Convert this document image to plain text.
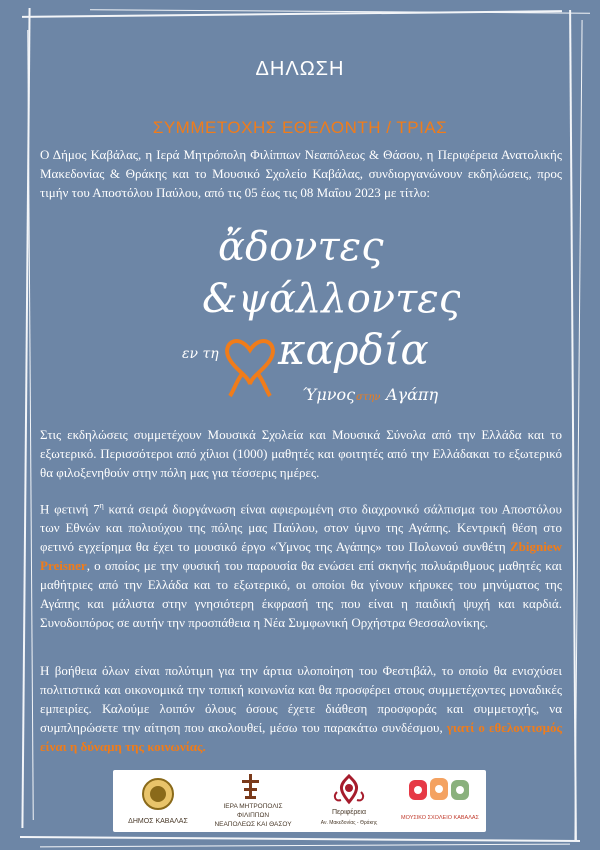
ΔΗΛΩΣΗ
ΣΥΜΜΕΤΟΧΗΣ ΕΘΕΛΟΝΤΗ / ΤΡΙΑΣ
Ο Δήμος Καβάλας, η Ιερά Μητρόπολη Φιλίππων Νεαπόλεως & Θάσου, η Περιφέρεια Ανατολικής Μακεδονίας & Θράκης και το Μουσικό Σχολείο Καβάλας, συνδιοργανώνουν εκδηλώσεις, προς τιμήν του Αποστόλου Παύλου, από τις 05 έως τις 08 Μαΐου 2023 με τίτλο:
ἄδοντες
&ψάλλοντες
εν τη καρδία
Ύμνος στην Αγάπη
Στις εκδηλώσεις συμμετέχουν Μουσικά Σχολεία και Μουσικά Σύνολα από την Ελλάδα και το εξωτερικό. Περισσότεροι από χίλιοι (1000) μαθητές και φοιτητές από την Ελλάδακαι το εξωτερικό θα φιλοξενηθούν στην πόλη μας για τέσσερις ημέρες.
Η φετινή $7^\eta$ κατά σειρά διοργάνωση είναι αφιερωμένη στο διαχρονικό σάλπισμα του Αποστόλου των Εθνών και πολιούχου της πόλης μας Παύλου, στον ύμνο της Αγάπης. Κεντρική θέση στο φετινό εγχείρημα θα έχει το μουσικό έργο «Ύμνος της Αγάπης» του Πολωνού συνθέτη Zbigniew Preisner, ο οποίος με την φυσική του παρουσία θα ενώσει επί σκηνής πολυάριθμους μαθητές και μαθήτριες από την Ελλάδα και το εξωτερικό, οι οποίοι θα γίνουν κήρυκες του μηνύματος της Αγάπης και μάλιστα στην γνησιότερη έκφρασή της που είναι η παιδική ψυχή και καρδιά. Συνοδοιπόρος σε αυτήν την προσπάθεια η Νέα Συμφωνική Ορχήστρα Θεσσαλονίκης.
Η βοήθεια όλων είναι πολύτιμη για την άρτια υλοποίηση του Φεστιβάλ, το οποίο θα ενισχύσει πολιτιστικά και οικονομικά την τοπική κοινωνία και θα προσφέρει στους συμμετέχοντες μοναδικές εμπειρίες. Καλούμε λοιπόν όλους όσους έχετε διάθεση προσφοράς και συμμετοχής, να συμπληρώσετε την αίτηση που ακολουθεί, μέσω του παρακάτω συνδέσμου, γιατί ο εθελοντισμός είναι η δύναμη της κοινωνίας.
ΔΗΜΟΣ ΚΑΒΑΛΑΣ
ΙΕΡΑ ΜΗΤΡΟΠΟΛΙΣ
ΦΙΛΙΠΠΩΝ
ΝΕΑΠΟΛΕΩΣ ΚΑΙ ΘΑΣΟΥ
Περιφέρεια
Αν. Μακεδονίας - Θράκης
ΜΟΥΣΙΚΟ ΣΧΟΛΕΙΟ ΚΑΒΑΛΑΣ
